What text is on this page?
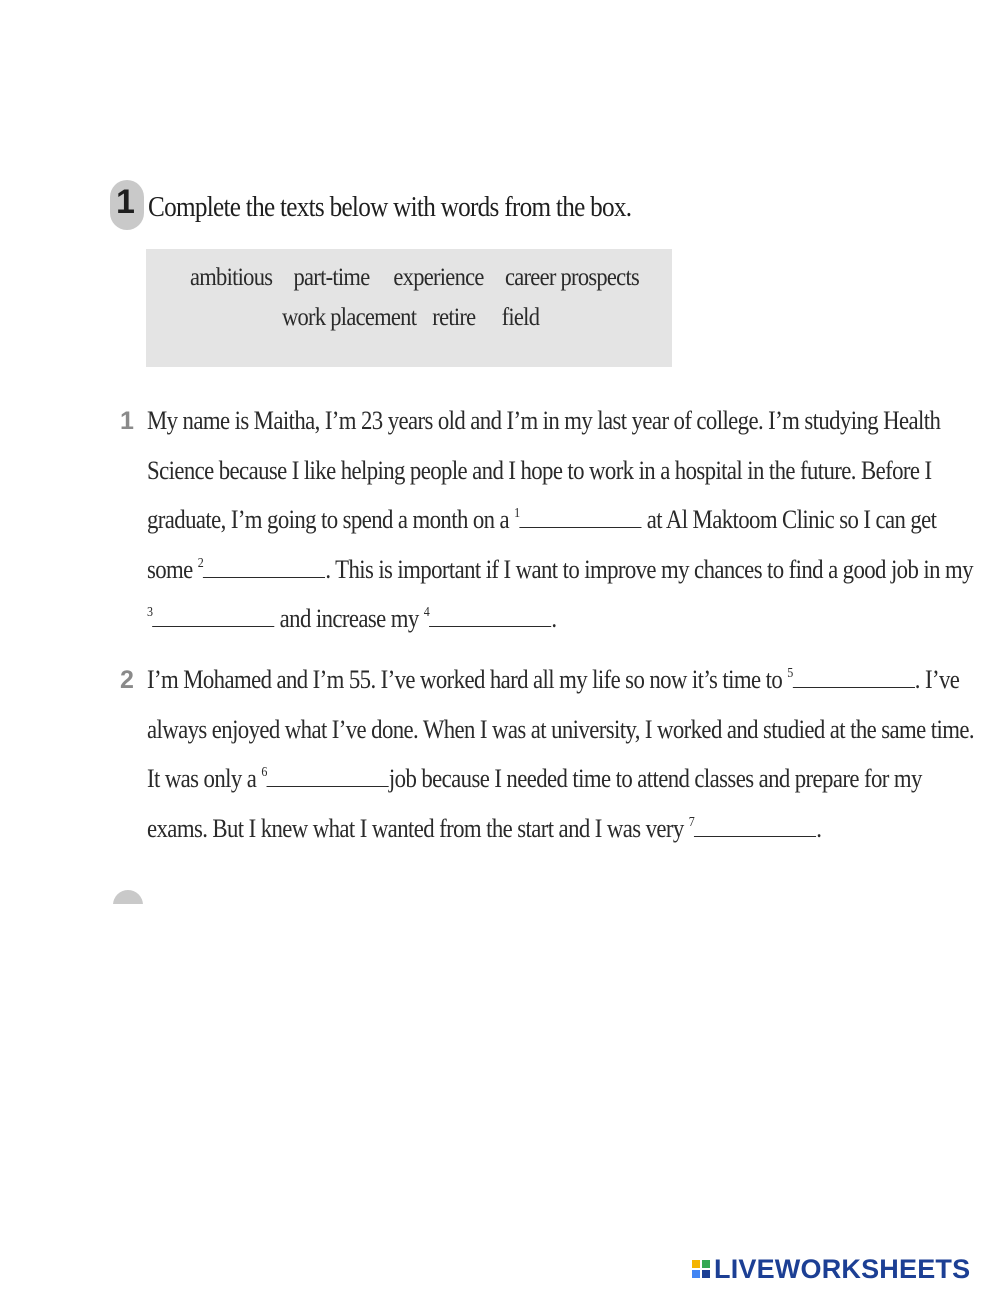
1 Complete the texts below with words from the box.
ambitious part-time experience career prospects
work placement retire field
1 My name is Maitha, I’m 23 years old and I’m in my last year of college. I’m studying Health
Science because I like helping people and I hope to work in a hospital in the future. Before I
graduate, I’m going to spend a month on a $^1$	at Al Maktoom Clinic so I can get
some $^2$	. This is important if I want to improve my chances to find a good job in my
$^3$	and increase my $^4$	.
2 I’m Mohamed and I’m 55. I’ve worked hard all my life so now it’s time to $^5$	. I’ve
always enjoyed what I’ve done. When I was at university, I worked and studied at the same time.
It was only a $^6$	job because I needed time to attend classes and prepare for my
exams. But I knew what I wanted from the start and I was very $^7$	.
LIVEWORKSHEETS
